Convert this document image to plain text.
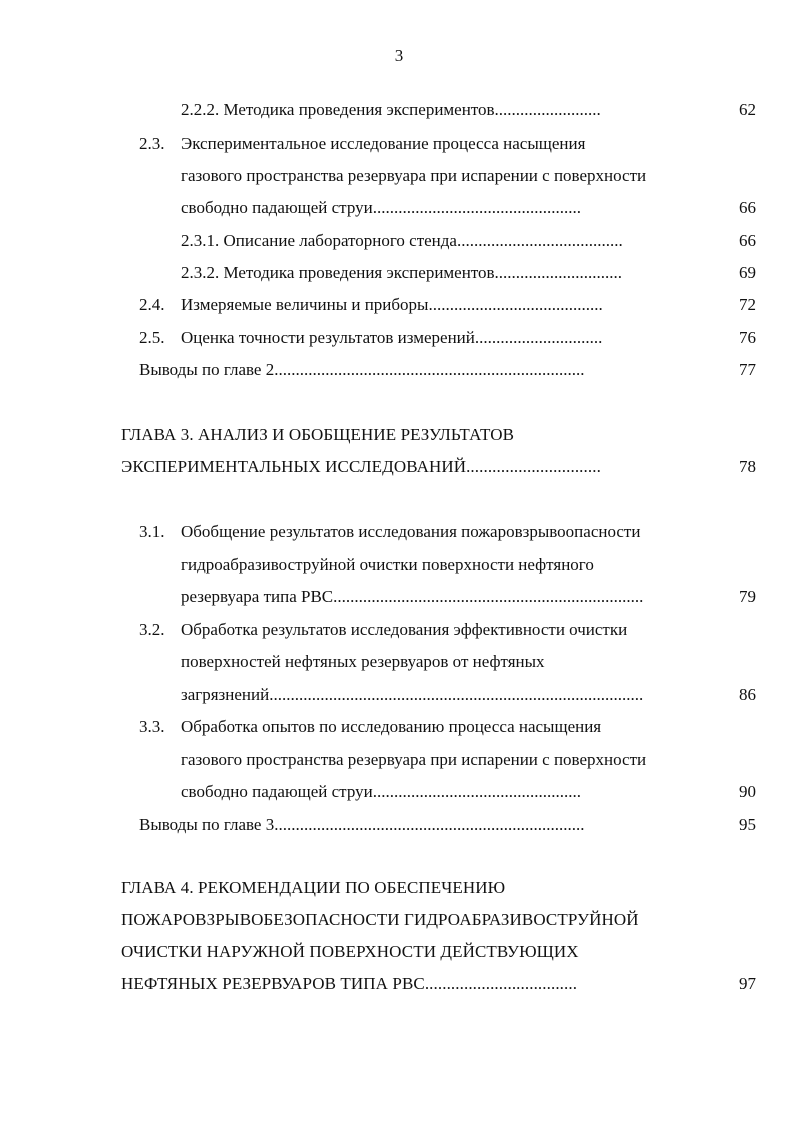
3
2.2.2. Методика проведения экспериментов.........................	62
2.3. Экспериментальное исследование процесса насыщения
газового пространства резервуара при испарении с поверхности
свободно падающей струи.................................................	66
2.3.1. Описание лабораторного стенда.......................................	66
2.3.2. Методика проведения экспериментов..............................	69
2.4. Измеряемые величины и приборы.........................................	72
2.5. Оценка точности результатов измерений..............................	76
Выводы по главе 2.........................................................................	77
ГЛАВА 3. АНАЛИЗ И ОБОБЩЕНИЕ РЕЗУЛЬТАТОВ
ЭКСПЕРИМЕНТАЛЬНЫХ ИССЛЕДОВАНИЙ...............................	78
3.1. Обобщение результатов исследования пожаровзрывоопасности
гидроабразивоструйной очистки поверхности нефтяного
резервуара типа РВС.........................................................................	79
3.2. Обработка результатов исследования эффективности очистки
поверхностей нефтяных резервуаров от нефтяных
загрязнений........................................................................................	86
3.3. Обработка опытов по исследованию процесса насыщения
газового пространства резервуара при испарении с поверхности
свободно падающей струи.................................................	90
Выводы по главе 3.........................................................................	95
ГЛАВА 4. РЕКОМЕНДАЦИИ ПО ОБЕСПЕЧЕНИЮ
ПОЖАРОВЗРЫВОБЕЗОПАСНОСТИ ГИДРОАБРАЗИВОСТРУЙНОЙ
ОЧИСТКИ НАРУЖНОЙ ПОВЕРХНОСТИ ДЕЙСТВУЮЩИХ
НЕФТЯНЫХ РЕЗЕРВУАРОВ ТИПА РВС...................................	97
